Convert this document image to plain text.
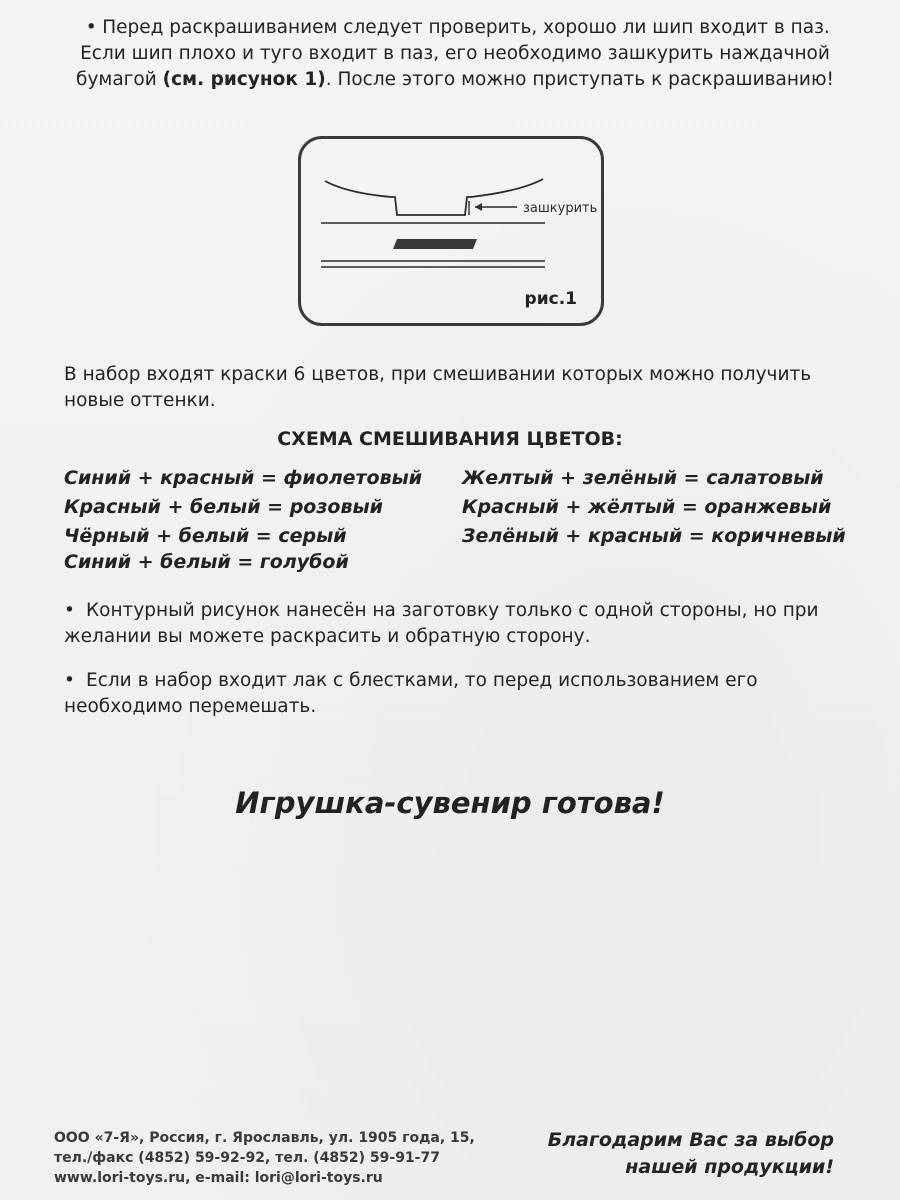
• Перед раскрашиванием следует проверить, хорошо ли шип входит в паз. Если шип плохо и туго входит в паз, его необходимо зашкурить наждачной бумагой (см. рисунок 1). После этого можно приступать к раскрашиванию!
зашкурить
рис.1
В набор входят краски 6 цветов, при смешивании которых можно получить новые оттенки.
СХЕМА СМЕШИВАНИЯ ЦВЕТОВ:
Синий + красный = фиолетовый
Красный + белый = розовый
Чёрный + белый = серый
Синий + белый = голубой
Желтый + зелёный = салатовый
Красный + жёлтый = оранжевый
Зелёный + красный = коричневый
• Контурный рисунок нанесён на заготовку только с одной стороны, но при желании вы можете раскрасить и обратную сторону.
• Если в набор входит лак с блестками, то перед использованием его необходимо перемешать.
Игрушка-сувенир готова!
ООО «7-Я», Россия, г. Ярославль, ул. 1905 года, 15,
тел./факс (4852) 59-92-92, тел. (4852) 59-91-77
www.lori-toys.ru, e-mail: lori@lori-toys.ru
Благодарим Вас за выбор
нашей продукции!
